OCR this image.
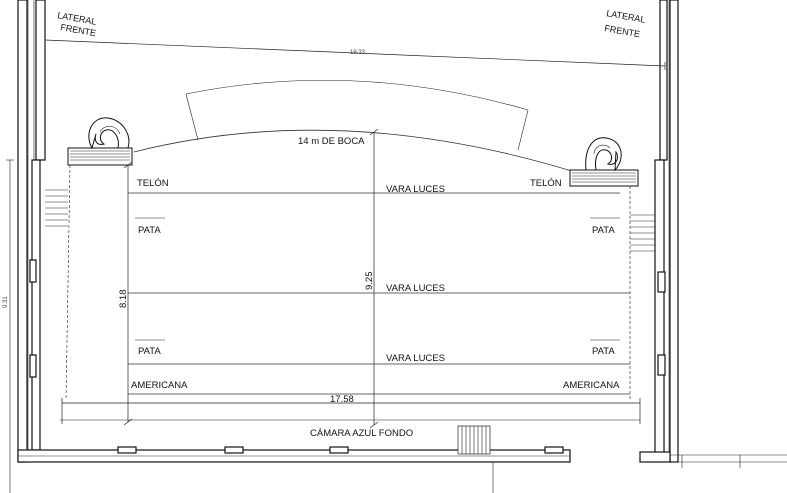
9.31
19.33
LATERAL
FRENTE
LATERAL
FRENTE
14 m DE BOCA
TELÓN	TELÓN
VARA LUCES
PATA	PATA
VARA LUCES
PATA	PATA
VARA LUCES
AMERICANA	AMERICANA
CÁMARA AZUL FONDO
9.25
8.18
17.58
